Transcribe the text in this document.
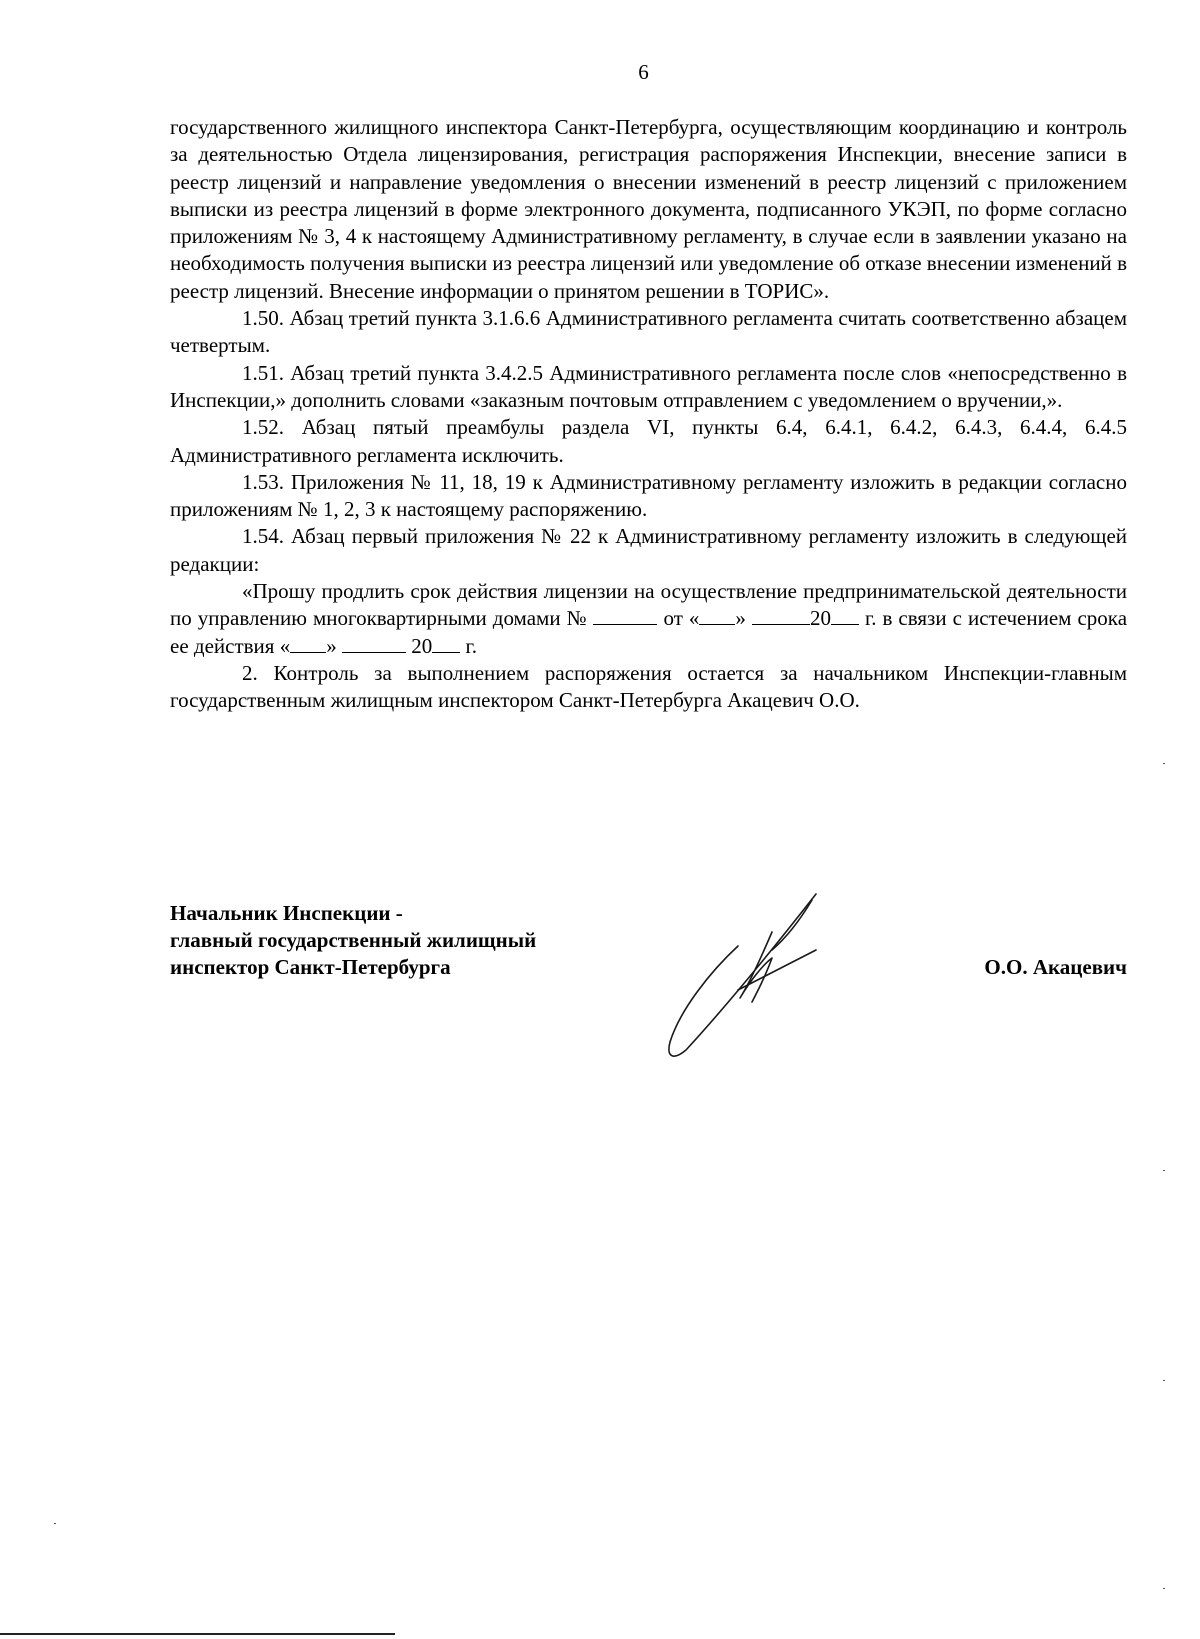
6

государственного жилищного инспектора Санкт-Петербурга, осуществляющим координацию и контроль за деятельностью Отдела лицензирования, регистрация распоряжения Инспекции, внесение записи в реестр лицензий и направление уведомления о внесении изменений в реестр лицензий с приложением выписки из реестра лицензий в форме электронного документа, подписанного УКЭП, по форме согласно приложениям № 3, 4 к настоящему Административному регламенту, в случае если в заявлении указано на необходимость получения выписки из реестра лицензий или уведомление об отказе внесении изменений в реестр лицензий. Внесение информации о принятом решении в ТОРИС».

1.50. Абзац третий пункта 3.1.6.6 Административного регламента считать соответственно абзацем четвертым.

1.51. Абзац третий пункта 3.4.2.5 Административного регламента после слов «непосредственно в Инспекции,» дополнить словами «заказным почтовым отправлением с уведомлением о вручении,».

1.52. Абзац пятый преамбулы раздела VI, пункты 6.4, 6.4.1, 6.4.2, 6.4.3, 6.4.4, 6.4.5 Административного регламента исключить.

1.53. Приложения № 11, 18, 19 к Административному регламенту изложить в редакции согласно приложениям № 1, 2, 3 к настоящему распоряжению.

1.54. Абзац первый приложения № 22 к Административному регламенту изложить в следующей редакции:

«Прошу продлить срок действия лицензии на осуществление предпринимательской деятельности по управлению многоквартирными домами №	от « »	20 г. в связи с истечением срока ее действия « »	20 г.

2. Контроль за выполнением распоряжения остается за начальником Инспекции-главным государственным жилищным инспектором Санкт-Петербурга Акацевич О.О.

Начальник Инспекции -
главный государственный жилищный
инспектор Санкт-Петербурга	О.О. Акацевич
